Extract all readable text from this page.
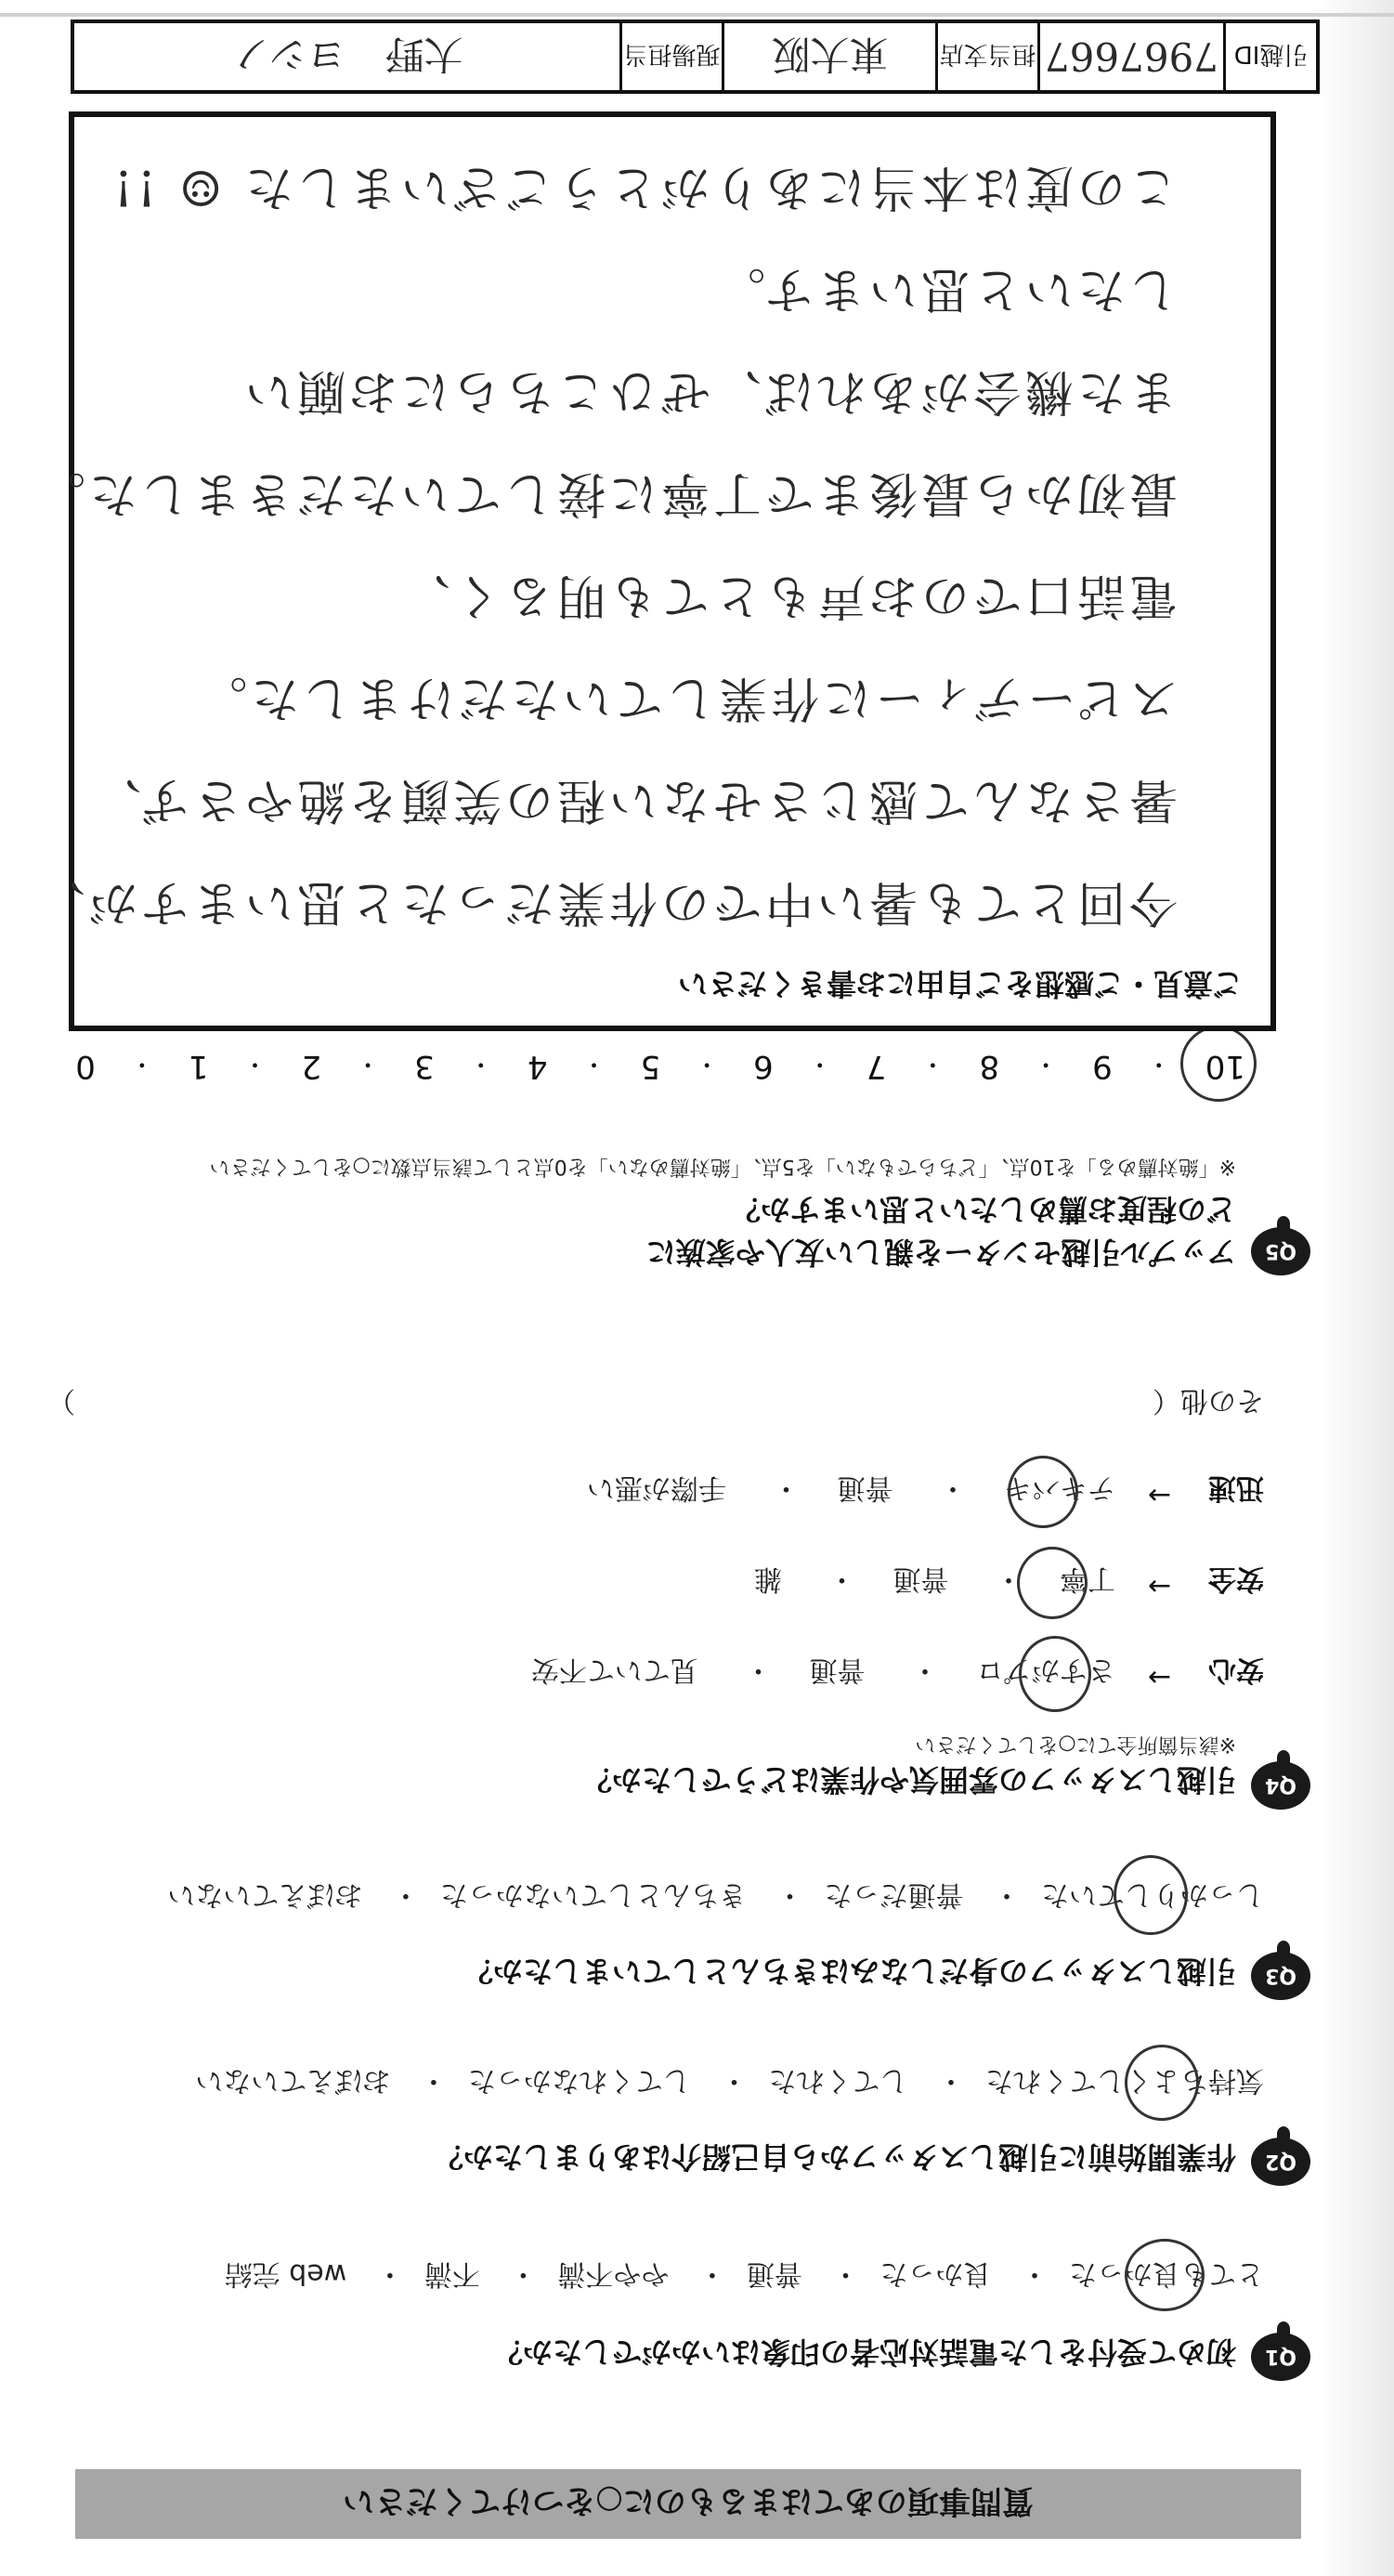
質問事項のあてはまるものに○をつけてください
Q1
初めて受付をした電話対応者の印象はいかがでしたか？
とても良かった・ 良かった・ 普通・ やや不満・ 不満・ web 完結
Q2
作業開始前に引越しスタッフから自己紹介はありましたか？
気持ちよくしてくれた・ してくれた・ してくれなかった・ おぼえていない
Q3
引越しスタッフの身だしなみはきちんとしていましたか？
しっかりしていた・ 普通だった・ きちんとしていなかった・ おぼえていない
Q4
引越しスタッフの雰囲気や作業はどうでしたか？
※該当箇所全てに○をしてください
安心
→
さすがプロ・ 普通・ 見ていて不安
安全
→
丁寧・ 普通・ 雑
迅速
→
テキパキ・ 普通・ 手際が悪い
その他（
）
Q5
アップル引越センターを親しい友人や家族に
どの程度お薦めしたいと思いますか？
※「絶対薦める」を10点、「どちらでもない」を5点、「絶対薦めない」を0点として該当点数に○をしてください
10
・
9
・
8
・
7
・
6
・
5
・
4
・
3
・
2
・
1
・
0
ご意見・ご感想をご自由にお書きください
今回とても暑い中での作業だったと思いますが、
暑さなんて感じさせない程の笑顔を絶やさず、
スピーディーに作業していただけました。
電話口でのお声もとても明るく、
最初から最後まで丁寧に接していただきました。
また機会があれば、ぜひこちらにお願い
したいと思います。
この度は本当にありがとうございました ☺ !!
引越ID
7967667
担当支店
東大阪
現場担当
大野　ヨシノ
